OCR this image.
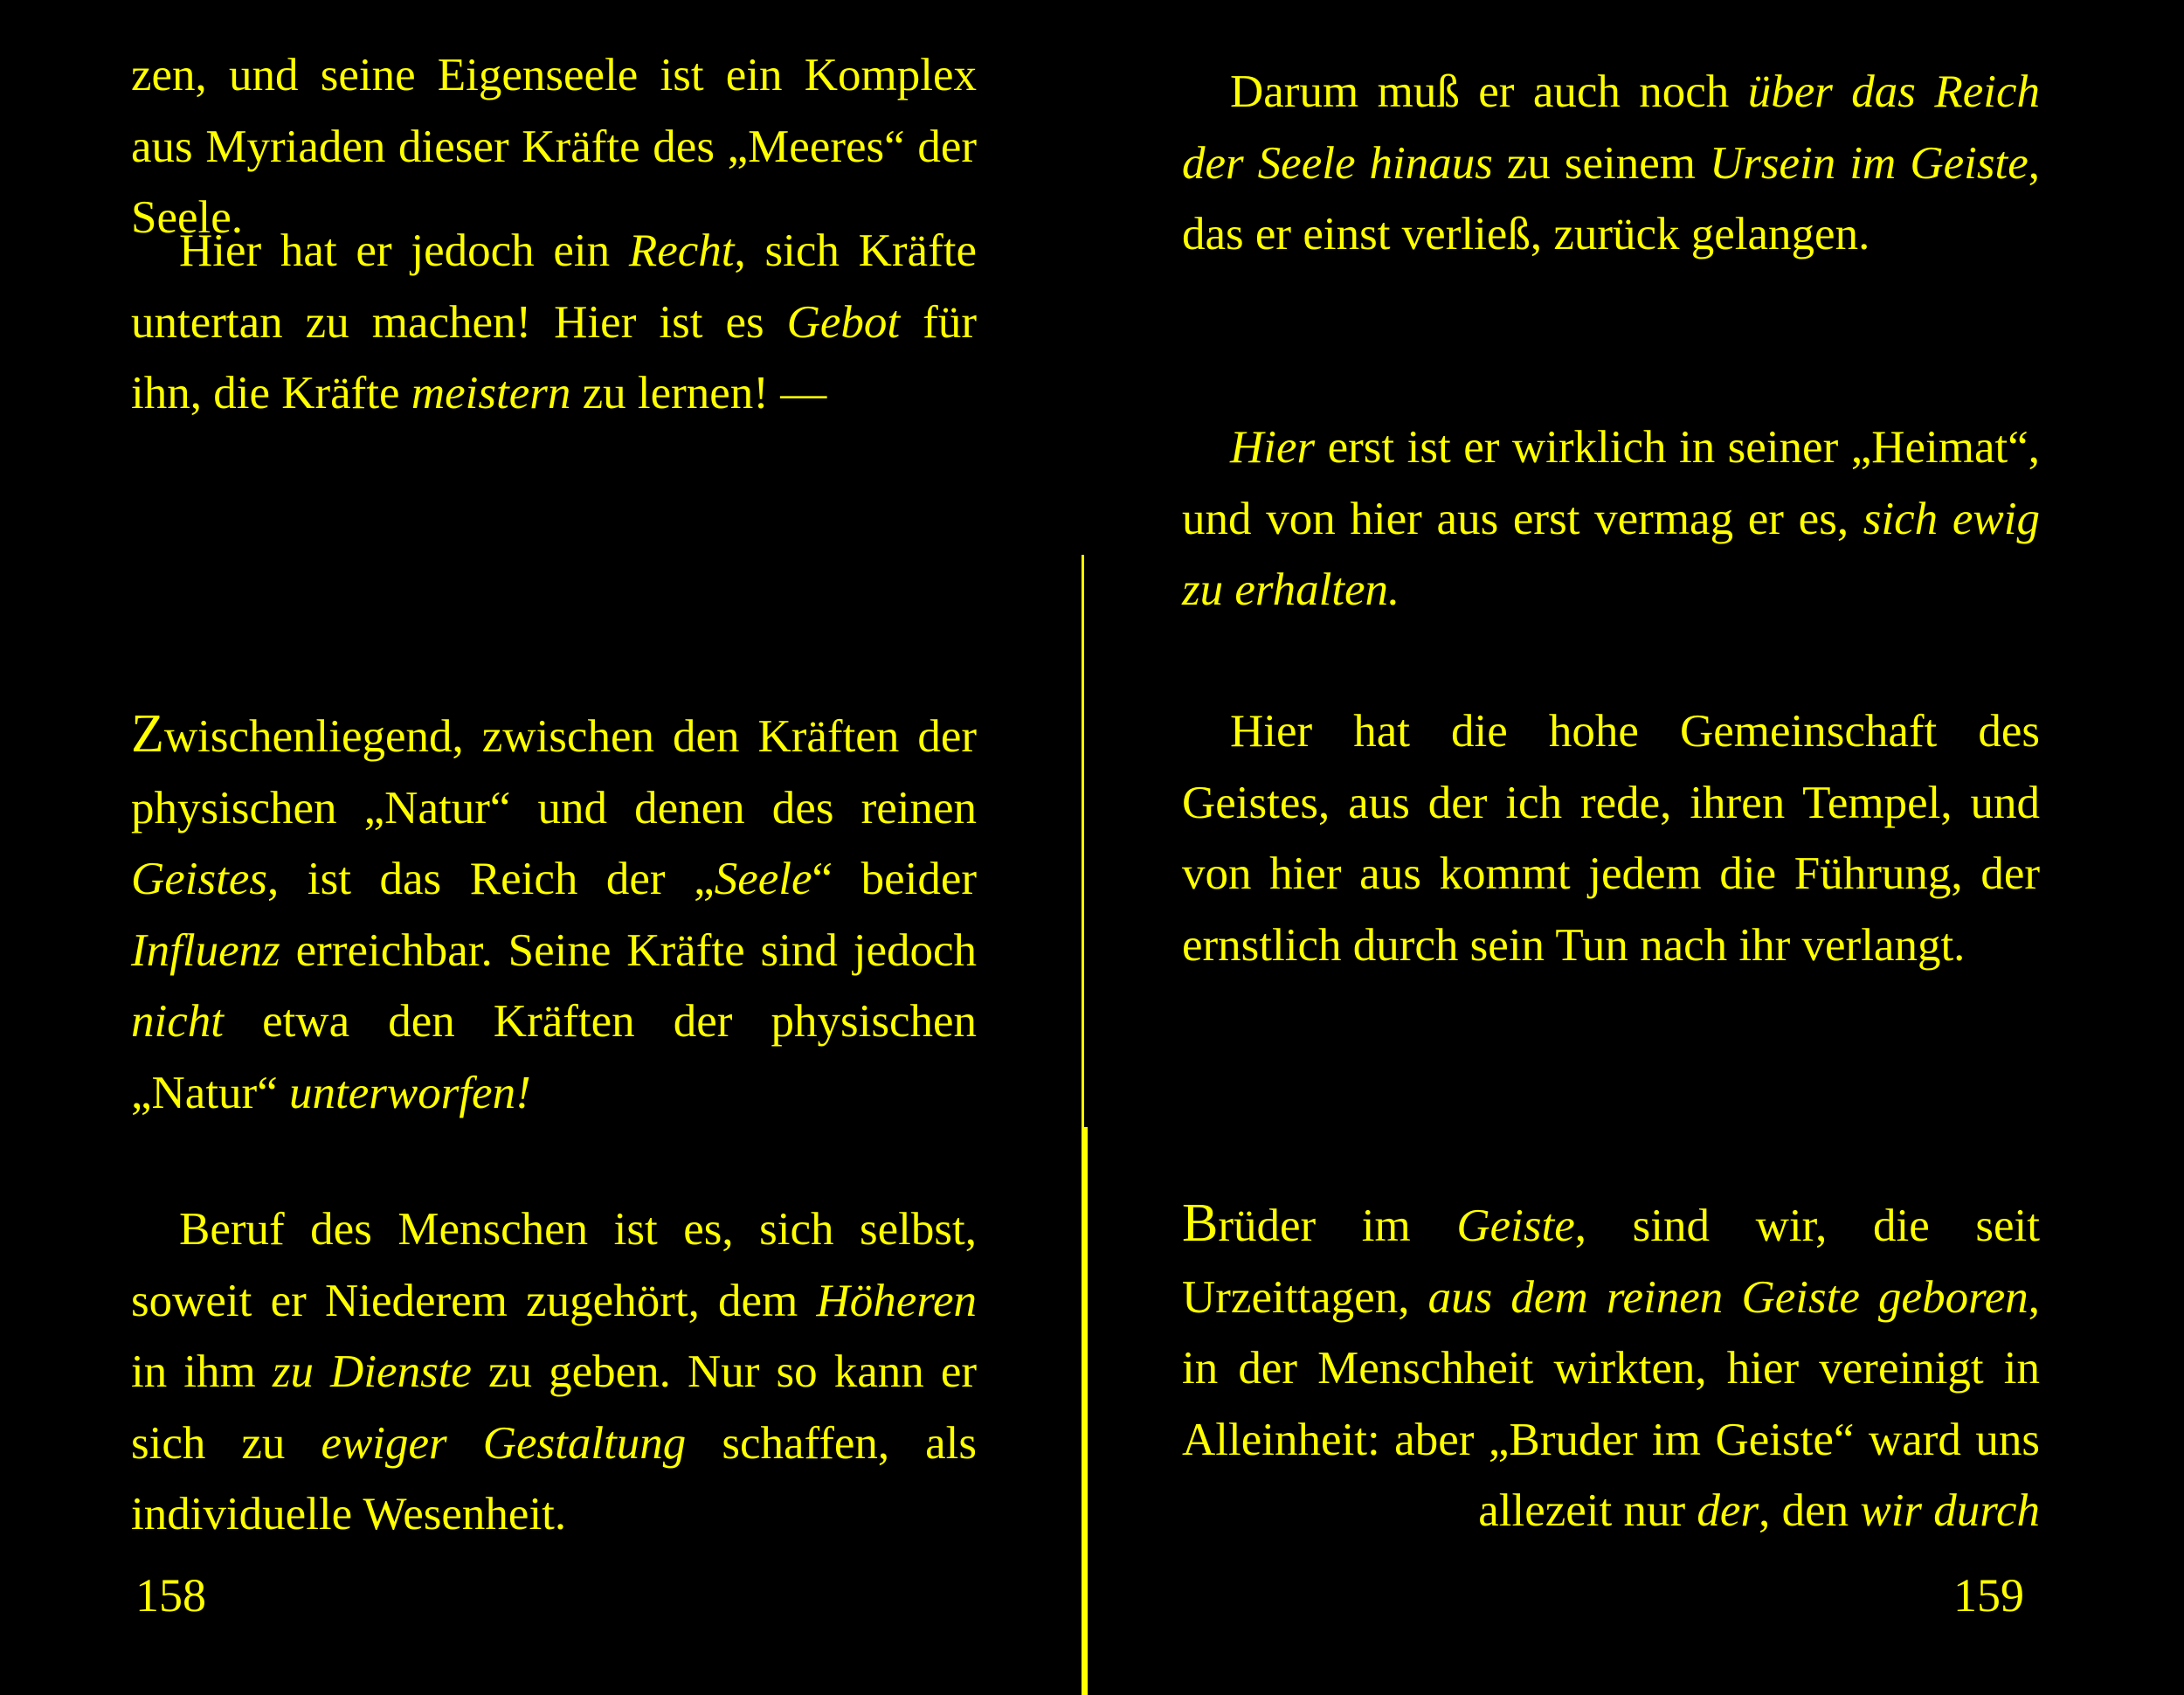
zen, und seine Eigenseele ist ein Komplex aus Myriaden dieser Kräfte des „Meeres“ der Seele.

Hier hat er jedoch ein Recht, sich Kräfte untertan zu machen! Hier ist es Gebot für ihn, die Kräfte meistern zu lernen! —

Zwischenliegend, zwischen den Kräften der physischen „Natur“ und denen des reinen Geistes, ist das Reich der „Seele“ beider Influenz erreichbar. Seine Kräfte sind jedoch nicht etwa den Kräften der physischen „Natur“ unterworfen!

Beruf des Menschen ist es, sich selbst, soweit er Niederem zugehört, dem Höheren in ihm zu Dienste zu geben. Nur so kann er sich zu ewiger Gestaltung schaffen, als individuelle Wesenheit.

158

Darum muß er auch noch über das Reich der Seele hinaus zu seinem Ursein im Geiste, das er einst verließ, zurück gelangen.

Hier erst ist er wirklich in seiner „Heimat“, und von hier aus erst vermag er es, sich ewig zu erhalten.

Hier hat die hohe Gemeinschaft des Geistes, aus der ich rede, ihren Tempel, und von hier aus kommt jedem die Führung, der ernstlich durch sein Tun nach ihr verlangt.

Brüder im Geiste, sind wir, die seit Urzeittagen, aus dem reinen Geiste geboren, in der Menschheit wirkten, hier vereinigt in Alleinheit: aber „Bruder im Geiste“ ward uns allezeit nur der, den wir durch

159
